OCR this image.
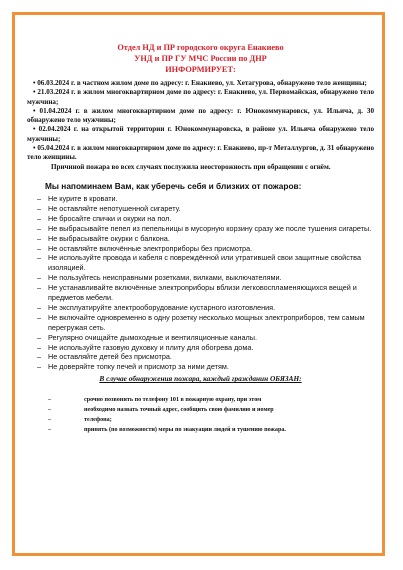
Отдел НД и ПР городского округа Енакиево
УНД и ПР ГУ МЧС России по ДНР
ИНФОРМИРУЕТ:

• 06.03.2024 г. в частном жилом доме по адресу: г. Енакиево, ул. Хетагурова, обнаружено тело женщины;

• 21.03.2024 г. в жилом многоквартирном доме по адресу: г. Енакиево, ул. Первомайская, обнаружено тело мужчина;

• 01.04.2024 г. в жилом многоквартирном доме по адресу: г. Юнокоммунаровск, ул. Ильича, д. 30 обнаружено тело мужчины;

• 02.04.2024 г. на открытой территории г. Юнокоммунаровска, в районе ул. Ильича обнаружено тело мужчины;

• 05.04.2024 г. в жилом многоквартирном доме по адресу: г. Енакиево, пр-т Металлургов, д. 31 обнаружено тело женщины.

Причиной пожара во всех случаях послужила неосторожность при обращении с огнём.

Мы напоминаем Вам, как уберечь себя и близких от пожаров:
– Не курите в кровати.
– Не оставляйте непотушенной сигарету.
– Не бросайте спички и окурки на пол.
– Не выбрасывайте пепел из пепельницы в мусорную корзину сразу же после тушения сигареты.
– Не выбрасывайте окурки с балкона.
– Не оставляйте включённые электроприборы без присмотра.
– Не используйте провода и кабеля с повреждённой или утратившей свои защитные свойства изоляцией.
– Не пользуйтесь неисправными розетками, вилками, выключателями.
– Не устанавливайте включённые электроприборы вблизи легковоспламеняющихся вещей и предметов мебели.
– Не эксплуатируйте электрооборудование кустарного изготовления.
– Не включайте одновременно в одну розетку несколько мощных электроприборов, тем самым перегружая сеть.
– Регулярно очищайте дымоходные и вентиляционные каналы.
– Не используйте газовую духовку и плиту для обогрева дома.
– Не оставляйте детей без присмотра.
– Не доверяйте топку печей и присмотр за ними детям.
В случае обнаружения пожара, каждый гражданин ОБЯЗАН:
–	срочно позвонить по телефону 101 в пожарную охрану, при этом
–	необходимо назвать точный адрес, сообщить свою фамилию и номер
–	телефона;
–	принять (по возможности) меры по эвакуации людей и тушению пожара.
